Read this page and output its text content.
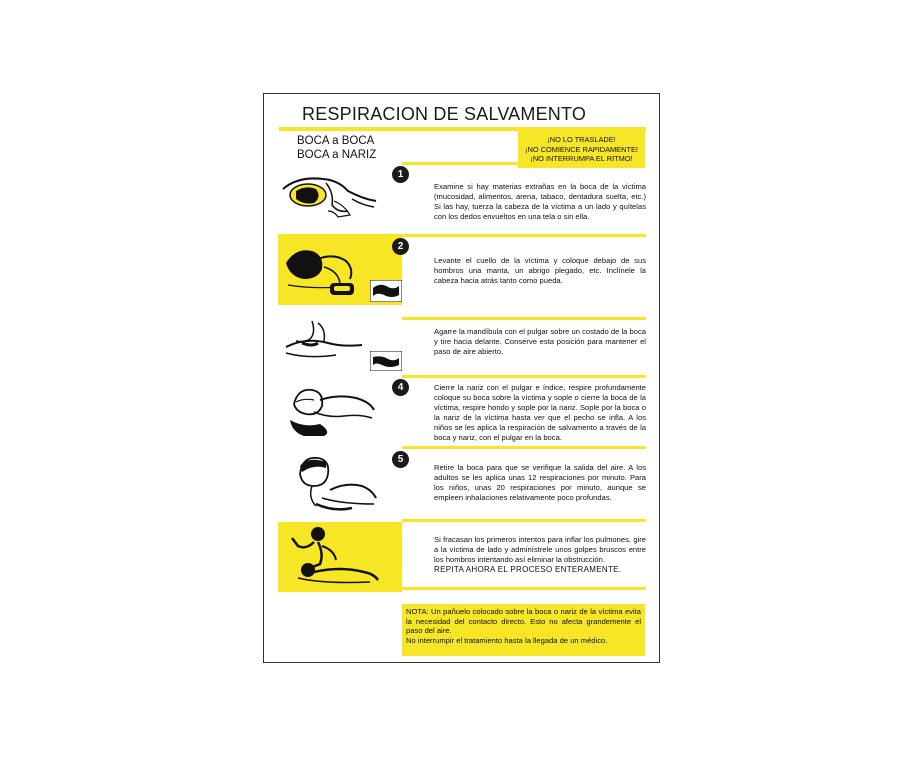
RESPIRACION DE SALVAMENTO
BOCA a BOCA
BOCA a NARIZ
¡NO LO TRASLADE!
¡NO COMIENCE RAPIDAMENTE!
¡NO INTERRUMPA EL RITMO!
1
Examine si hay materias extrañas en la boca de la víctima (mucosidad, alimentos, arena, tabaco, dentadura suelta, etc.) Si las hay, tuerza la cabeza de la víctima a un lado y quítelas con los dedos envueltos en una tela o sin ella.
2
Levante el cuello de la víctima y coloque debajo de sus hombros una manta, un abrigo plegado, etc. Inclínele la cabeza hacia atrás tanto como pueda.
Agarre la mandíbula con el pulgar sobre un costado de la boca y tire hacia delante. Conserve esta posición para mantener el paso de aire abierto.
4	Cierre la nariz con el pulgar e índice, respire profundamente coloque su boca sobre la víctima y sople o cierre la boca de la víctima, respire hondo y sople por la nariz. Sople por la boca o la nariz de la víctima hasta ver que el pecho se infla. A los niños se les aplica la respiración de salvamento a través de la boca y nariz, con el pulgar en la boca.
5
Retire la boca para que se verifique la salida del aire. A los adultos se les aplica unas 12 respiraciones por minuto. Para los niños, unas 20 respiraciones por minuto, aunque se empleen inhalaciones relativamente poco profundas.
Si fracasan los primeros intentos para inflar los pulmones, gire a la víctima de lado y adminístrele unos golpes bruscos entre los hombros intentando así eliminar la obstrucción.
REPITA AHORA EL PROCESO ENTERAMENTE.
NOTA: Un pañuelo colocado sobre la boca o nariz de la víctima evita la necesidad del contacto directo. Esto no afecta grandemente el paso del aire.
No interrumpir el tratamiento hasta la llegada de un médico.
